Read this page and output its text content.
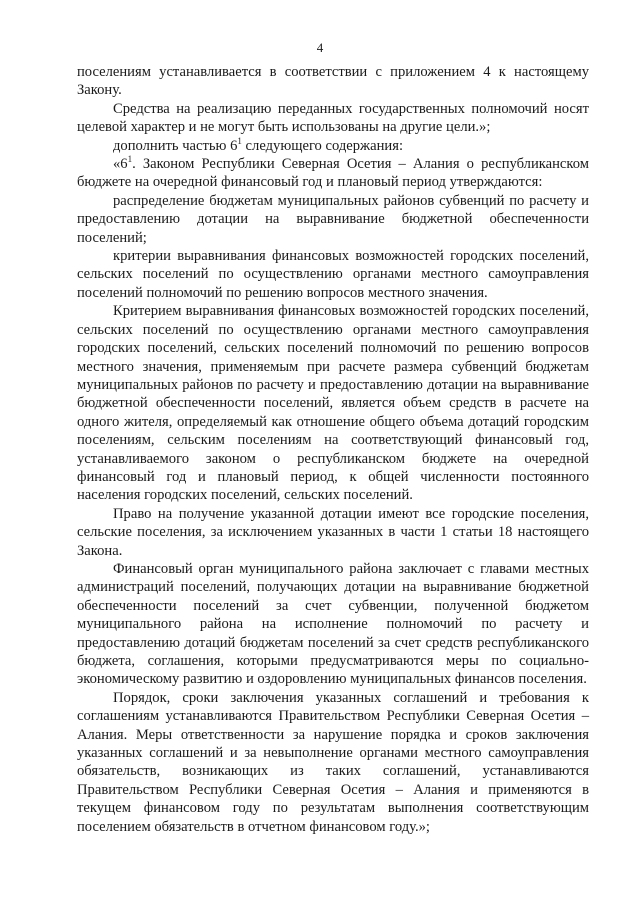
4

поселениям устанавливается в соответствии с приложением 4 к настоящему Закону.

Средства на реализацию переданных государственных полномочий носят целевой характер и не могут быть использованы на другие цели.»;

дополнить частью $6^1$ следующего содержания:

«$6^1$. Законом Республики Северная Осетия – Алания о республиканском бюджете на очередной финансовый год и плановый период утверждаются:

распределение бюджетам муниципальных районов субвенций по расчету и предоставлению дотации на выравнивание бюджетной обеспеченности поселений;

критерии выравнивания финансовых возможностей городских поселений, сельских поселений по осуществлению органами местного самоуправления поселений полномочий по решению вопросов местного значения.

Критерием выравнивания финансовых возможностей городских поселений, сельских поселений по осуществлению органами местного самоуправления городских поселений, сельских поселений полномочий по решению вопросов местного значения, применяемым при расчете размера субвенций бюджетам муниципальных районов по расчету и предоставлению дотации на выравнивание бюджетной обеспеченности поселений, является объем средств в расчете на одного жителя, определяемый как отношение общего объема дотаций городским поселениям, сельским поселениям на соответствующий финансовый год, устанавливаемого законом о республиканском бюджете на очередной финансовый год и плановый период, к общей численности постоянного населения городских поселений, сельских поселений.

Право на получение указанной дотации имеют все городские поселения, сельские поселения, за исключением указанных в части 1 статьи 18 настоящего Закона.

Финансовый орган муниципального района заключает с главами местных администраций поселений, получающих дотации на выравнивание бюджетной обеспеченности поселений за счет субвенции, полученной бюджетом муниципального района на исполнение полномочий по расчету и предоставлению дотаций бюджетам поселений за счет средств республиканского бюджета, соглашения, которыми предусматриваются меры по социально-экономическому развитию и оздоровлению муниципальных финансов поселения.

Порядок, сроки заключения указанных соглашений и требования к соглашениям устанавливаются Правительством Республики Северная Осетия – Алания. Меры ответственности за нарушение порядка и сроков заключения указанных соглашений и за невыполнение органами местного самоуправления обязательств, возникающих из таких соглашений, устанавливаются Правительством Республики Северная Осетия – Алания и применяются в текущем финансовом году по результатам выполнения соответствующим поселением обязательств в отчетном финансовом году.»;
